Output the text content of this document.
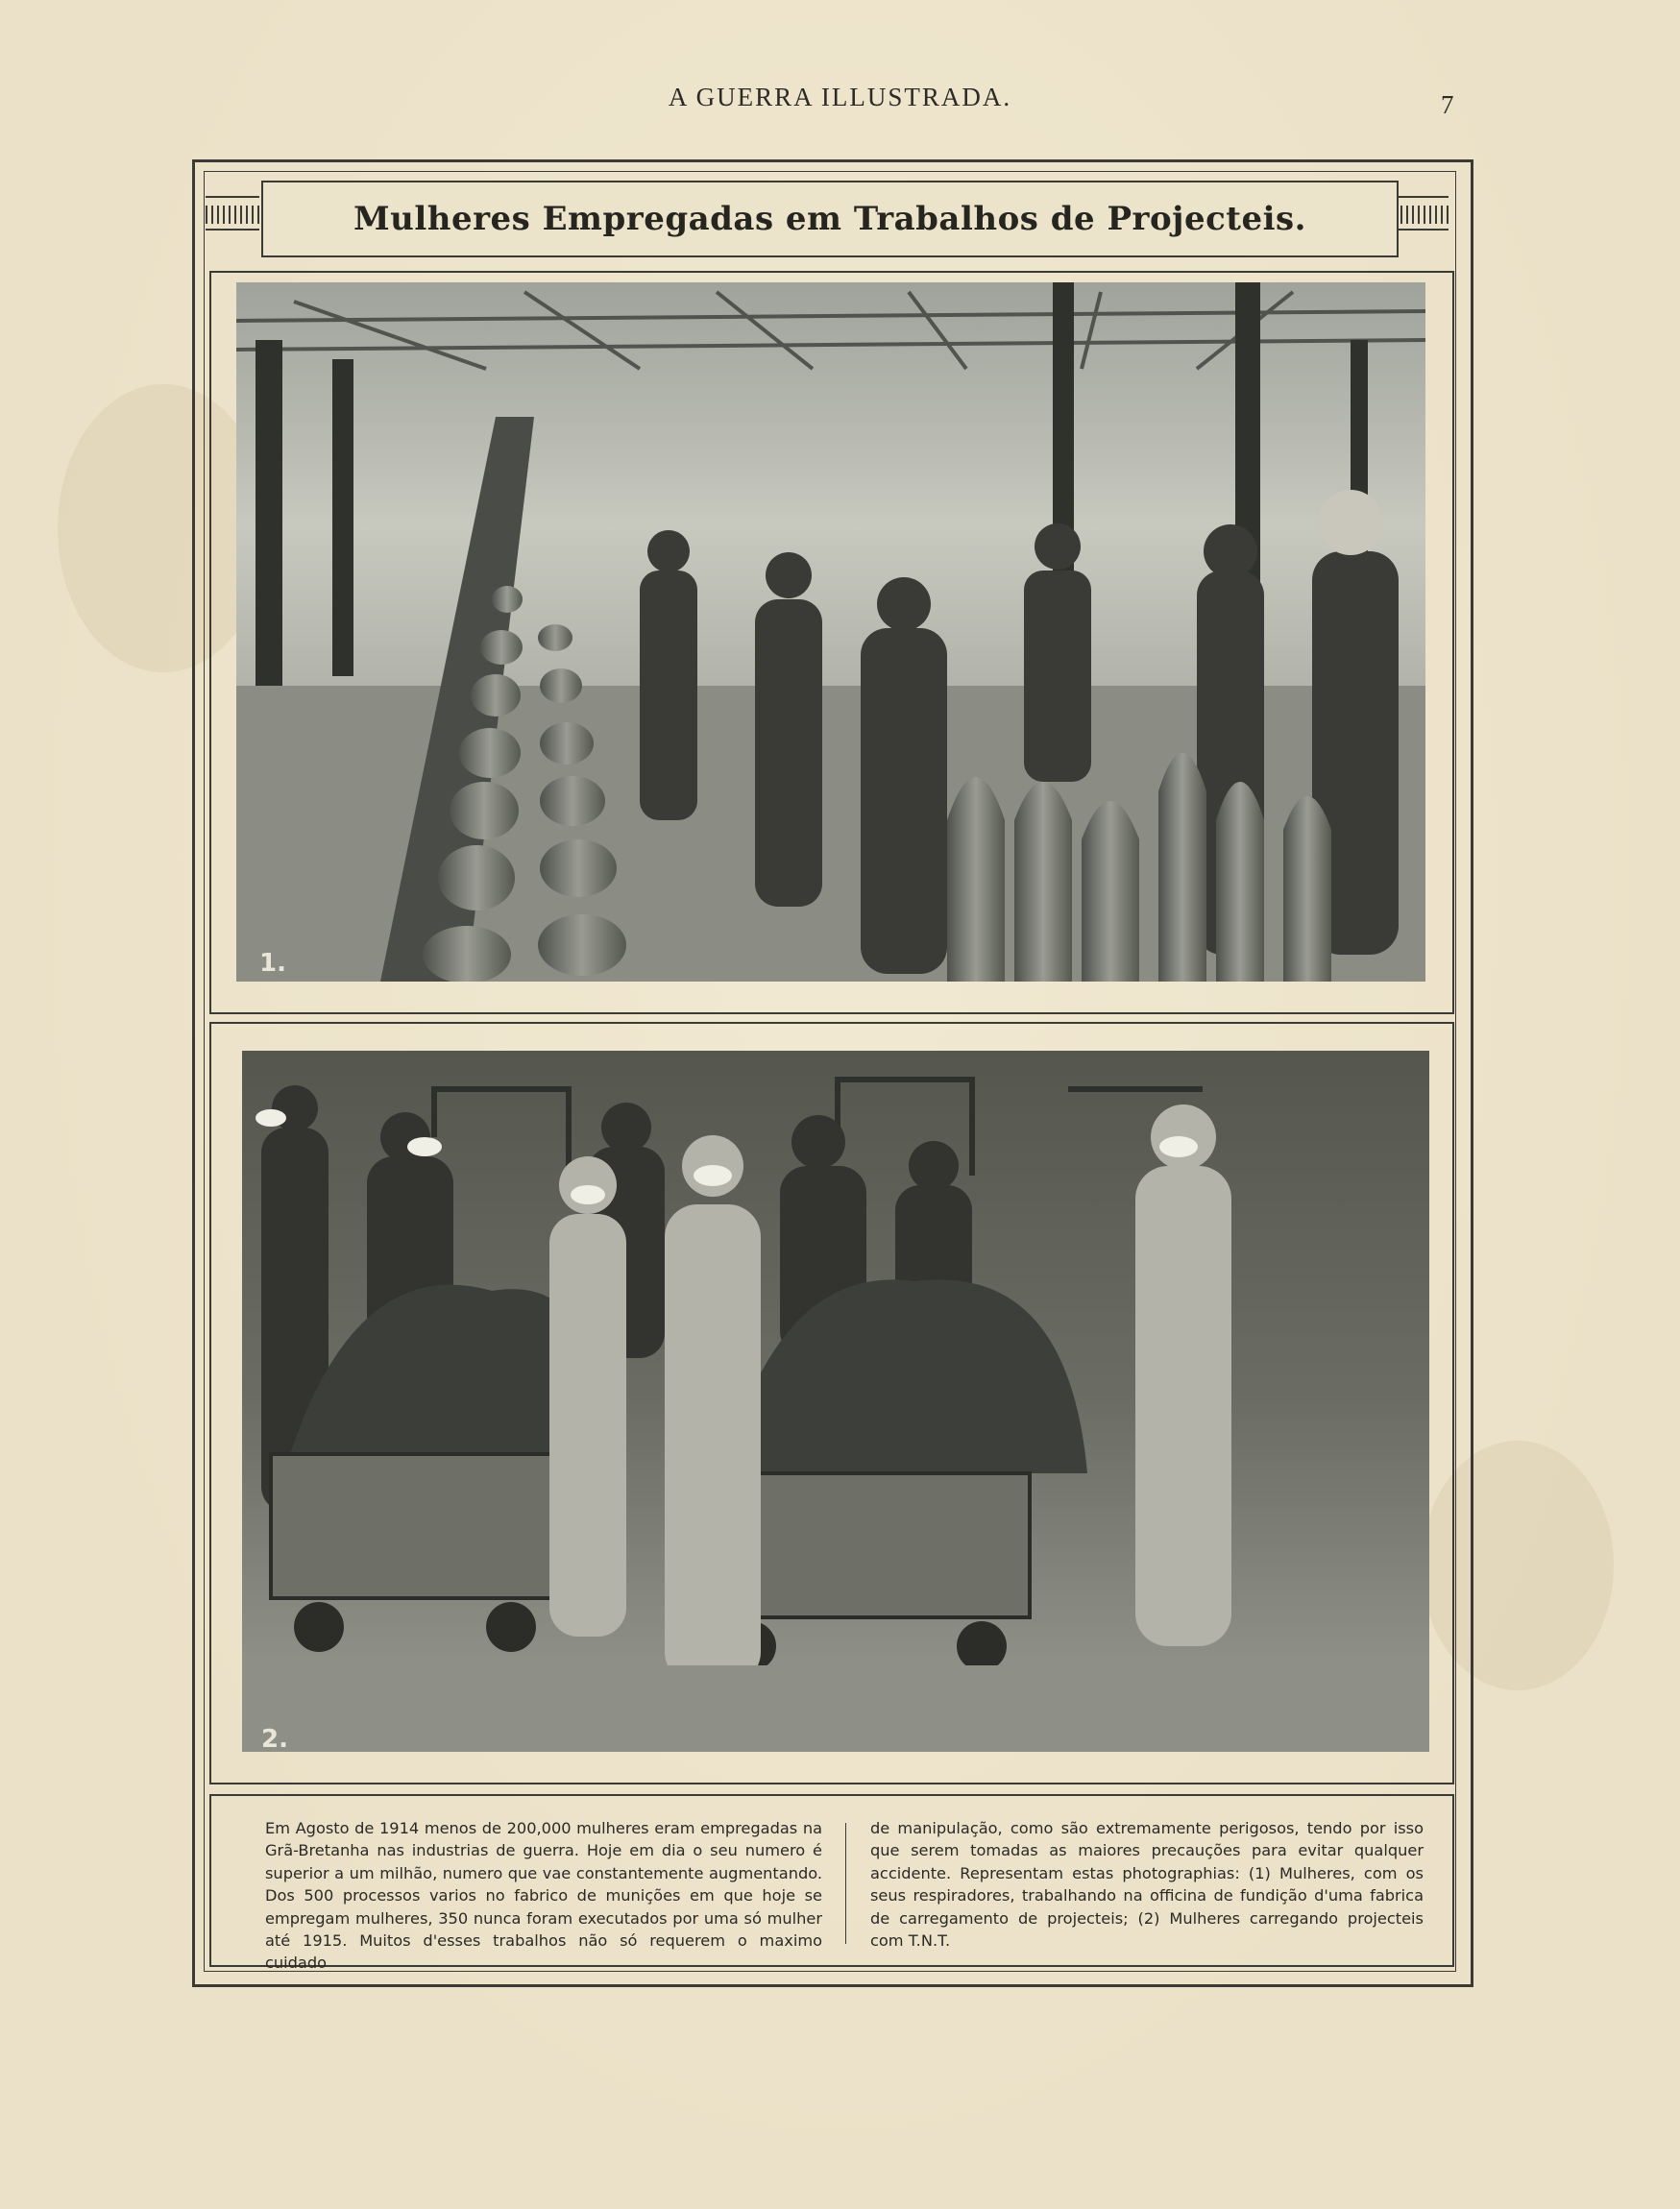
A GUERRA ILLUSTRADA.	7
Mulheres Empregadas em Trabalhos de Projecteis.
1.
2.
Em Agosto de 1914 menos de 200,000 mulheres eram empregadas na Grã-Bretanha nas industrias de guerra. Hoje em dia o seu numero é superior a um milhão, numero que vae constantemente augmentando. Dos 500 processos varios no fabrico de munições em que hoje se empregam mulheres, 350 nunca foram executados por uma só mulher até 1915. Muitos d'esses trabalhos não só requerem o maximo cuidado
de manipulação, como são extremamente perigosos, tendo por isso que serem tomadas as maiores precauções para evitar qualquer accidente. Representam estas photographias: (1) Mulheres, com os seus respiradores, trabalhando na officina de fundição d'uma fabrica de carregamento de projecteis; (2) Mulheres carregando projecteis com T.N.T.
